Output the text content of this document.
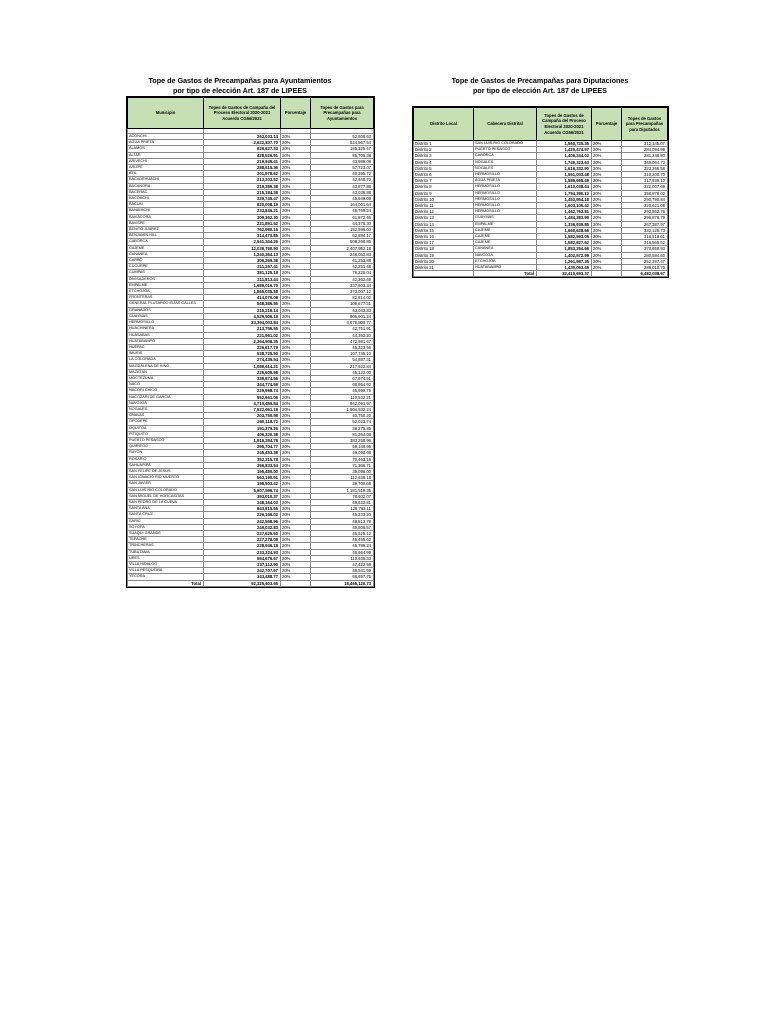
Tope de Gastos de Precampañas para Ayuntamientos
por tipo de elección Art. 187 de LIPEES
Municipio	Topes de Gastos de Campaña del Proceso Electoral 2020-2021 Acuerdo CG56/2021	Porcentaje	Topes de Gastos para Precampañas para Ayuntamientos

ACONCHI	263,033.14	20%	52,606.63
AGUA PRIETA	2,622,837.70	20%	524,567.54
ÁLAMOS	926,627.33	20%	185,325.47
ALTAR	428,526.91	20%	85,705.38
ARIVECHI	219,945.41	20%	43,989.08
ARIZPE	288,615.36	20%	57,723.07
ATIL	201,978.62	20%	40,395.72
BACADÉHUACHI	213,203.52	20%	42,640.70
BACANORA	219,389.38	20%	43,877.88
BACERAC	215,184.38	20%	43,036.88
BACOACHI	229,745.47	20%	45,949.09
BÁCUM	820,008.19	20%	164,001.64
BANÁMICHI	233,846.21	20%	46,769.24
BAVIÁCORA	309,362.30	20%	61,872.46
BAVISPE	221,891.52	20%	44,378.30
BENITO JUÁREZ	762,980.16	20%	152,596.03
BENJAMÍN HILL	314,470.85	20%	62,894.17
CABORCA	2,541,344.26	20%	508,268.85
CAJEME	12,039,760.90	20%	2,407,952.18
CANANEA	1,240,264.13	20%	248,052.83
CARBÓ	306,269.38	20%	61,253.88
CUCURPE	211,257.41	20%	42,251.48
CUMPAS	381,125.18	20%	76,225.04
DIVISADEROS	211,813.44	20%	42,362.69
EMPALME	1,689,016.70	20%	337,803.34
ETCHOJOA	1,865,035.58	20%	373,007.12
FRONTERAS	414,070.08	20%	82,814.02
GENERAL PLUTARCO ELÍAS CALLES	548,386.56	20%	109,677.31
GRANADOS	215,219.14	20%	43,043.83
GUAYMAS	4,529,506.18	20%	905,901.24
HERMOSILLO	23,394,003.84	20%	4,678,800.77
HUACHINERA	213,759.55	20%	42,751.91
HUÁSABAS	221,961.02	20%	44,392.20
HUATABAMPO	2,364,908.35	20%	472,981.67
HUÉPAC	226,617.79	20%	45,323.56
IMURIS	538,725.50	20%	107,745.10
LA COLORADA	274,436.54	20%	54,887.31
MAGDALENA DE KINO	1,089,614.21	20%	217,922.84
MAZATÁN	225,609.98	20%	45,122.00
MOCTEZUMA	339,874.56	20%	67,974.91
NACO	344,774.59	20%	68,954.92
NÁCORI CHICO	229,998.74	20%	45,999.75
NACOZARI DE GARCÍA	552,661.06	20%	110,532.21
NAVOJOA	4,710,459.84	20%	942,091.97
NOGALES	7,522,661.18	20%	1,504,532.24
ÓNAVAS	203,750.98	20%	40,750.20
OPODEPE	260,118.72	20%	52,023.74
OQUITOA	191,379.26	20%	38,275.85
PITIQUITO	406,320.38	20%	81,264.08
PUERTO PEÑASCO	1,916,294.78	20%	383,258.96
QUIRIEGO	295,704.77	20%	59,140.95
RAYÓN	245,453.38	20%	49,090.68
ROSARIO	352,315.78	20%	70,463.16
SAHUARIPA	356,833.54	20%	71,366.71
SAN FELIPE DE JESÚS	195,480.00	20%	39,096.00
SAN IGNACIO RÍO MUERTO	563,190.91	20%	112,638.18
SAN JAVIER	198,503.42	20%	39,700.68
SAN LUIS RÍO COLORADO	5,907,596.74	20%	1,181,519.35
SAN MIGUEL DE HORCASITAS	393,010.37	20%	78,602.07
SAN PEDRO DE LA CUEVA	248,164.03	20%	49,632.81
SANTA ANA	643,815.55	20%	128,763.11
SANTA CRUZ	226,166.02	20%	45,233.20
SÁRIC	242,568.96	20%	48,513.79
SOYOPA	249,032.83	20%	49,806.57
SUAQUI GRANDE	227,625.60	20%	45,525.12
TEPACHE	227,278.08	20%	45,455.62
TRINCHERAS	228,946.18	20%	45,789.24
TUBUTAMA	233,324.93	20%	46,664.99
URES	554,676.67	20%	110,935.33
VILLA HIDALGO	237,112.90	20%	47,422.58
VILLA PESQUEIRA	242,707.97	20%	48,541.59
YÉCORA	343,488.77	20%	68,697.75
Total	92,325,603.65		18,465,120.73
Tope de Gastos de Precampañas para Diputaciones
por tipo de elección Art. 187 de LIPEES
Distrito Local	Cabecera Distrital	Topes de Gastos de Campaña del Proceso Electoral 2020-2021 Acuerdo CG56/2021	Porcentaje	Topes de Gastos para Precampañas para Diputados
Distrito 1	SAN LUIS RIO COLORADO	1,560,725.35	20%	312,145.07
Distrito 2	PUERTO PEÑASCO	1,420,474.97	20%	284,094.99
Distrito 3	CABORCA	1,406,244.02	20%	281,248.80
Distrito 4	NOGALES	1,745,323.63	20%	349,064.73
Distrito 5	NOGALES	1,616,332.90	20%	323,266.58
Distrito 6	HERMOSILLO	1,551,003.48	20%	310,200.70
Distrito 7	AGUA PRIETA	1,589,695.49	20%	317,939.10
Distrito 8	HERMOSILLO	1,610,038.44	20%	322,007.69
Distrito 9	HERMOSILLO	1,794,390.12	20%	358,878.02
Distrito 10	HERMOSILLO	1,453,954.18	20%	290,790.84
Distrito 11	HERMOSILLO	1,603,105.42	20%	320,621.08
Distrito 12	HERMOSILLO	1,462,763.81	20%	292,552.76
Distrito 13	GUAYMAS	1,484,383.99	20%	296,876.79
Distrito 14	EMPALME	1,336,939.85	20%	267,387.97
Distrito 15	CAJEME	1,660,628.66	20%	332,125.73
Distrito 16	CAJEME	1,582,593.05	20%	316,518.61
Distrito 17	CAJEME	1,582,827.62	20%	316,565.52
Distrito 18	CANANEA	1,853,254.66	20%	370,650.93
Distrito 19	NAVOJOA	1,402,972.99	20%	280,594.60
Distrito 20	ETCHOJOA	1,261,987.35	20%	252,397.47
Distrito 21	HUATABAMPO	1,430,053.49	20%	286,010.70
	Total	32,410,693.37		6,482,038.67
